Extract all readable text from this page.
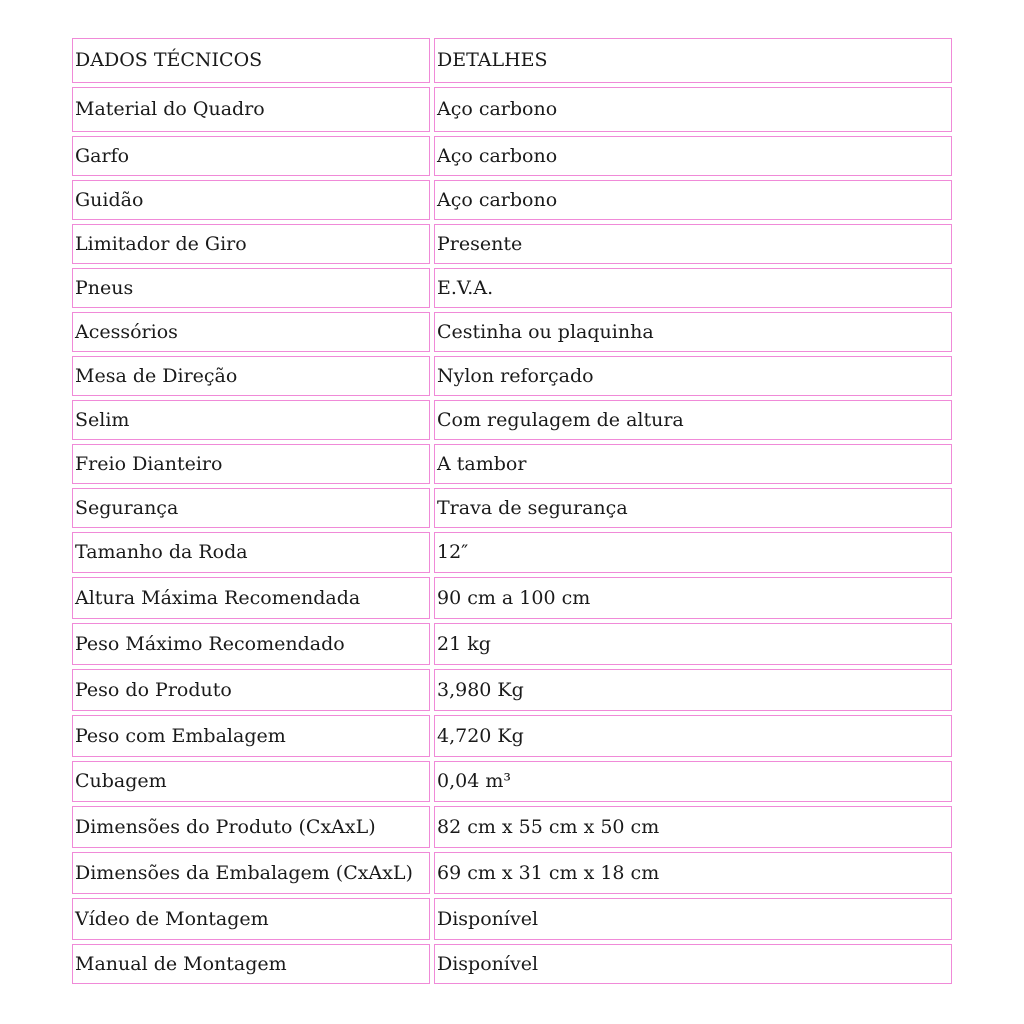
DADOS TÉCNICOS	DETALHES
Material do Quadro	Aço carbono
Garfo	Aço carbono
Guidão	Aço carbono
Limitador de Giro	Presente
Pneus	E.V.A.
Acessórios	Cestinha ou plaquinha
Mesa de Direção	Nylon reforçado
Selim	Com regulagem de altura
Freio Dianteiro	A tambor
Segurança	Trava de segurança
Tamanho da Roda	12″
Altura Máxima Recomendada	90 cm a 100 cm
Peso Máximo Recomendado	21 kg
Peso do Produto	3,980 Kg
Peso com Embalagem	4,720 Kg
Cubagem	0,04 m³
Dimensões do Produto (CxAxL)	82 cm x 55 cm x 50 cm
Dimensões da Embalagem (CxAxL)	69 cm x 31 cm x 18 cm
Vídeo de Montagem	Disponível
Manual de Montagem	Disponível
